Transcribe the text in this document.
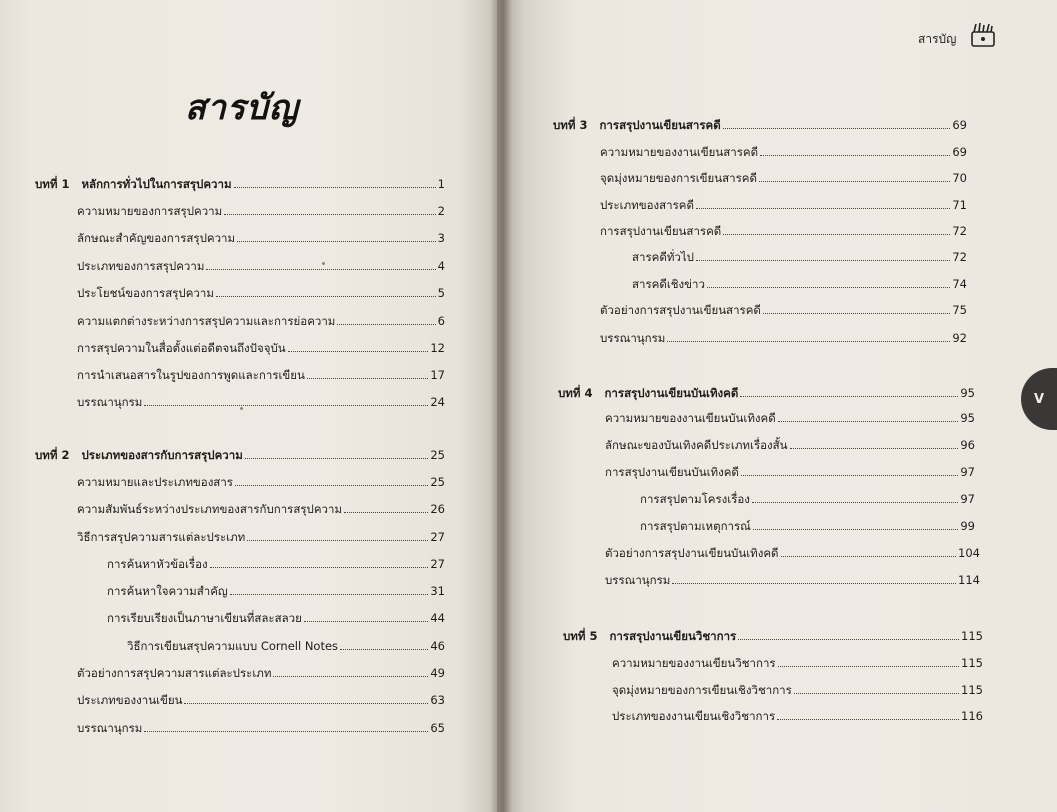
สารบัญ
บทที่ 1 หลักการทั่วไปในการสรุปความ	1
ความหมายของการสรุปความ	2
ลักษณะสำคัญของการสรุปความ	3
ประเภทของการสรุปความ	4
ประโยชน์ของการสรุปความ	5
ความแตกต่างระหว่างการสรุปความและการย่อความ	6
การสรุปความในสื่อตั้งแต่อดีตจนถึงปัจจุบัน	12
การนำเสนอสารในรูปของการพูดและการเขียน	17
บรรณานุกรม	24
บทที่ 2 ประเภทของสารกับการสรุปความ	25
ความหมายและประเภทของสาร	25
ความสัมพันธ์ระหว่างประเภทของสารกับการสรุปความ	26
วิธีการสรุปความสารแต่ละประเภท	27
การค้นหาหัวข้อเรื่อง	27
การค้นหาใจความสำคัญ	31
การเรียบเรียงเป็นภาษาเขียนที่สละสลวย	44
วิธีการเขียนสรุปความแบบ Cornell Notes	46
ตัวอย่างการสรุปความสารแต่ละประเภท	49
ประเภทของงานเขียน	63
บรรณานุกรม	65
สารบัญ
V
บทที่ 3 การสรุปงานเขียนสารคดี	69
ความหมายของงานเขียนสารคดี	69
จุดมุ่งหมายของการเขียนสารคดี	70
ประเภทของสารคดี	71
การสรุปงานเขียนสารคดี	72
สารคดีทั่วไป	72
สารคดีเชิงข่าว	74
ตัวอย่างการสรุปงานเขียนสารคดี	75
บรรณานุกรม	92
บทที่ 4 การสรุปงานเขียนบันเทิงคดี	95
ความหมายของงานเขียนบันเทิงคดี	95
ลักษณะของบันเทิงคดีประเภทเรื่องสั้น	96
การสรุปงานเขียนบันเทิงคดี	97
การสรุปตามโครงเรื่อง	97
การสรุปตามเหตุการณ์	99
ตัวอย่างการสรุปงานเขียนบันเทิงคดี	104
บรรณานุกรม	114
บทที่ 5 การสรุปงานเขียนวิชาการ	115
ความหมายของงานเขียนวิชาการ	115
จุดมุ่งหมายของการเขียนเชิงวิชาการ	115
ประเภทของงานเขียนเชิงวิชาการ	116
